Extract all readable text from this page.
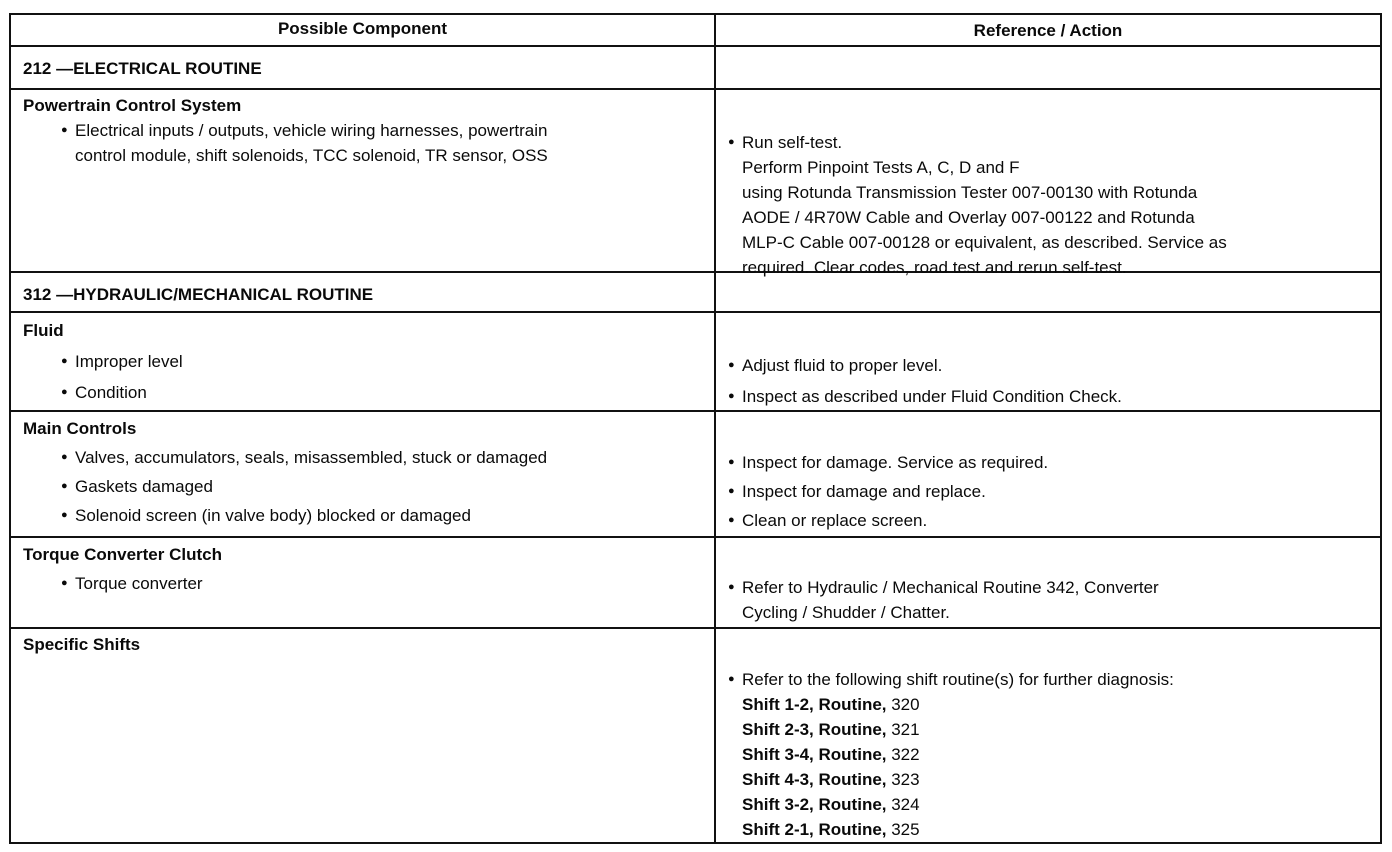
Possible Component	Reference / Action
212 —ELECTRICAL ROUTINE
Powertrain Control System
● Electrical inputs / outputs, vehicle wiring harnesses, powertrain
control module, shift solenoids, TCC solenoid, TR sensor, OSS
● Run self-test.
Perform Pinpoint Tests A, C, D and F
using Rotunda Transmission Tester 007-00130 with Rotunda
AODE / 4R70W Cable and Overlay 007-00122 and Rotunda
MLP-C Cable 007-00128 or equivalent, as described. Service as
required. Clear codes, road test and rerun self-test.
312 —HYDRAULIC/MECHANICAL ROUTINE
Fluid
● Improper level
● Condition
● Adjust fluid to proper level.
● Inspect as described under Fluid Condition Check.
Main Controls
● Valves, accumulators, seals, misassembled, stuck or damaged
● Gaskets damaged
● Solenoid screen (in valve body) blocked or damaged
● Inspect for damage. Service as required.
● Inspect for damage and replace.
● Clean or replace screen.
Torque Converter Clutch
● Torque converter
●	Refer to Hydraulic / Mechanical Routine 342, Converter
Cycling / Shudder / Chatter.
Specific Shifts
● Refer to the following shift routine(s) for further diagnosis:
Shift 1-2, Routine, 320
Shift 2-3, Routine, 321
Shift 3-4, Routine, 322
Shift 4-3, Routine, 323
Shift 3-2, Routine, 324
Shift 2-1, Routine, 325
